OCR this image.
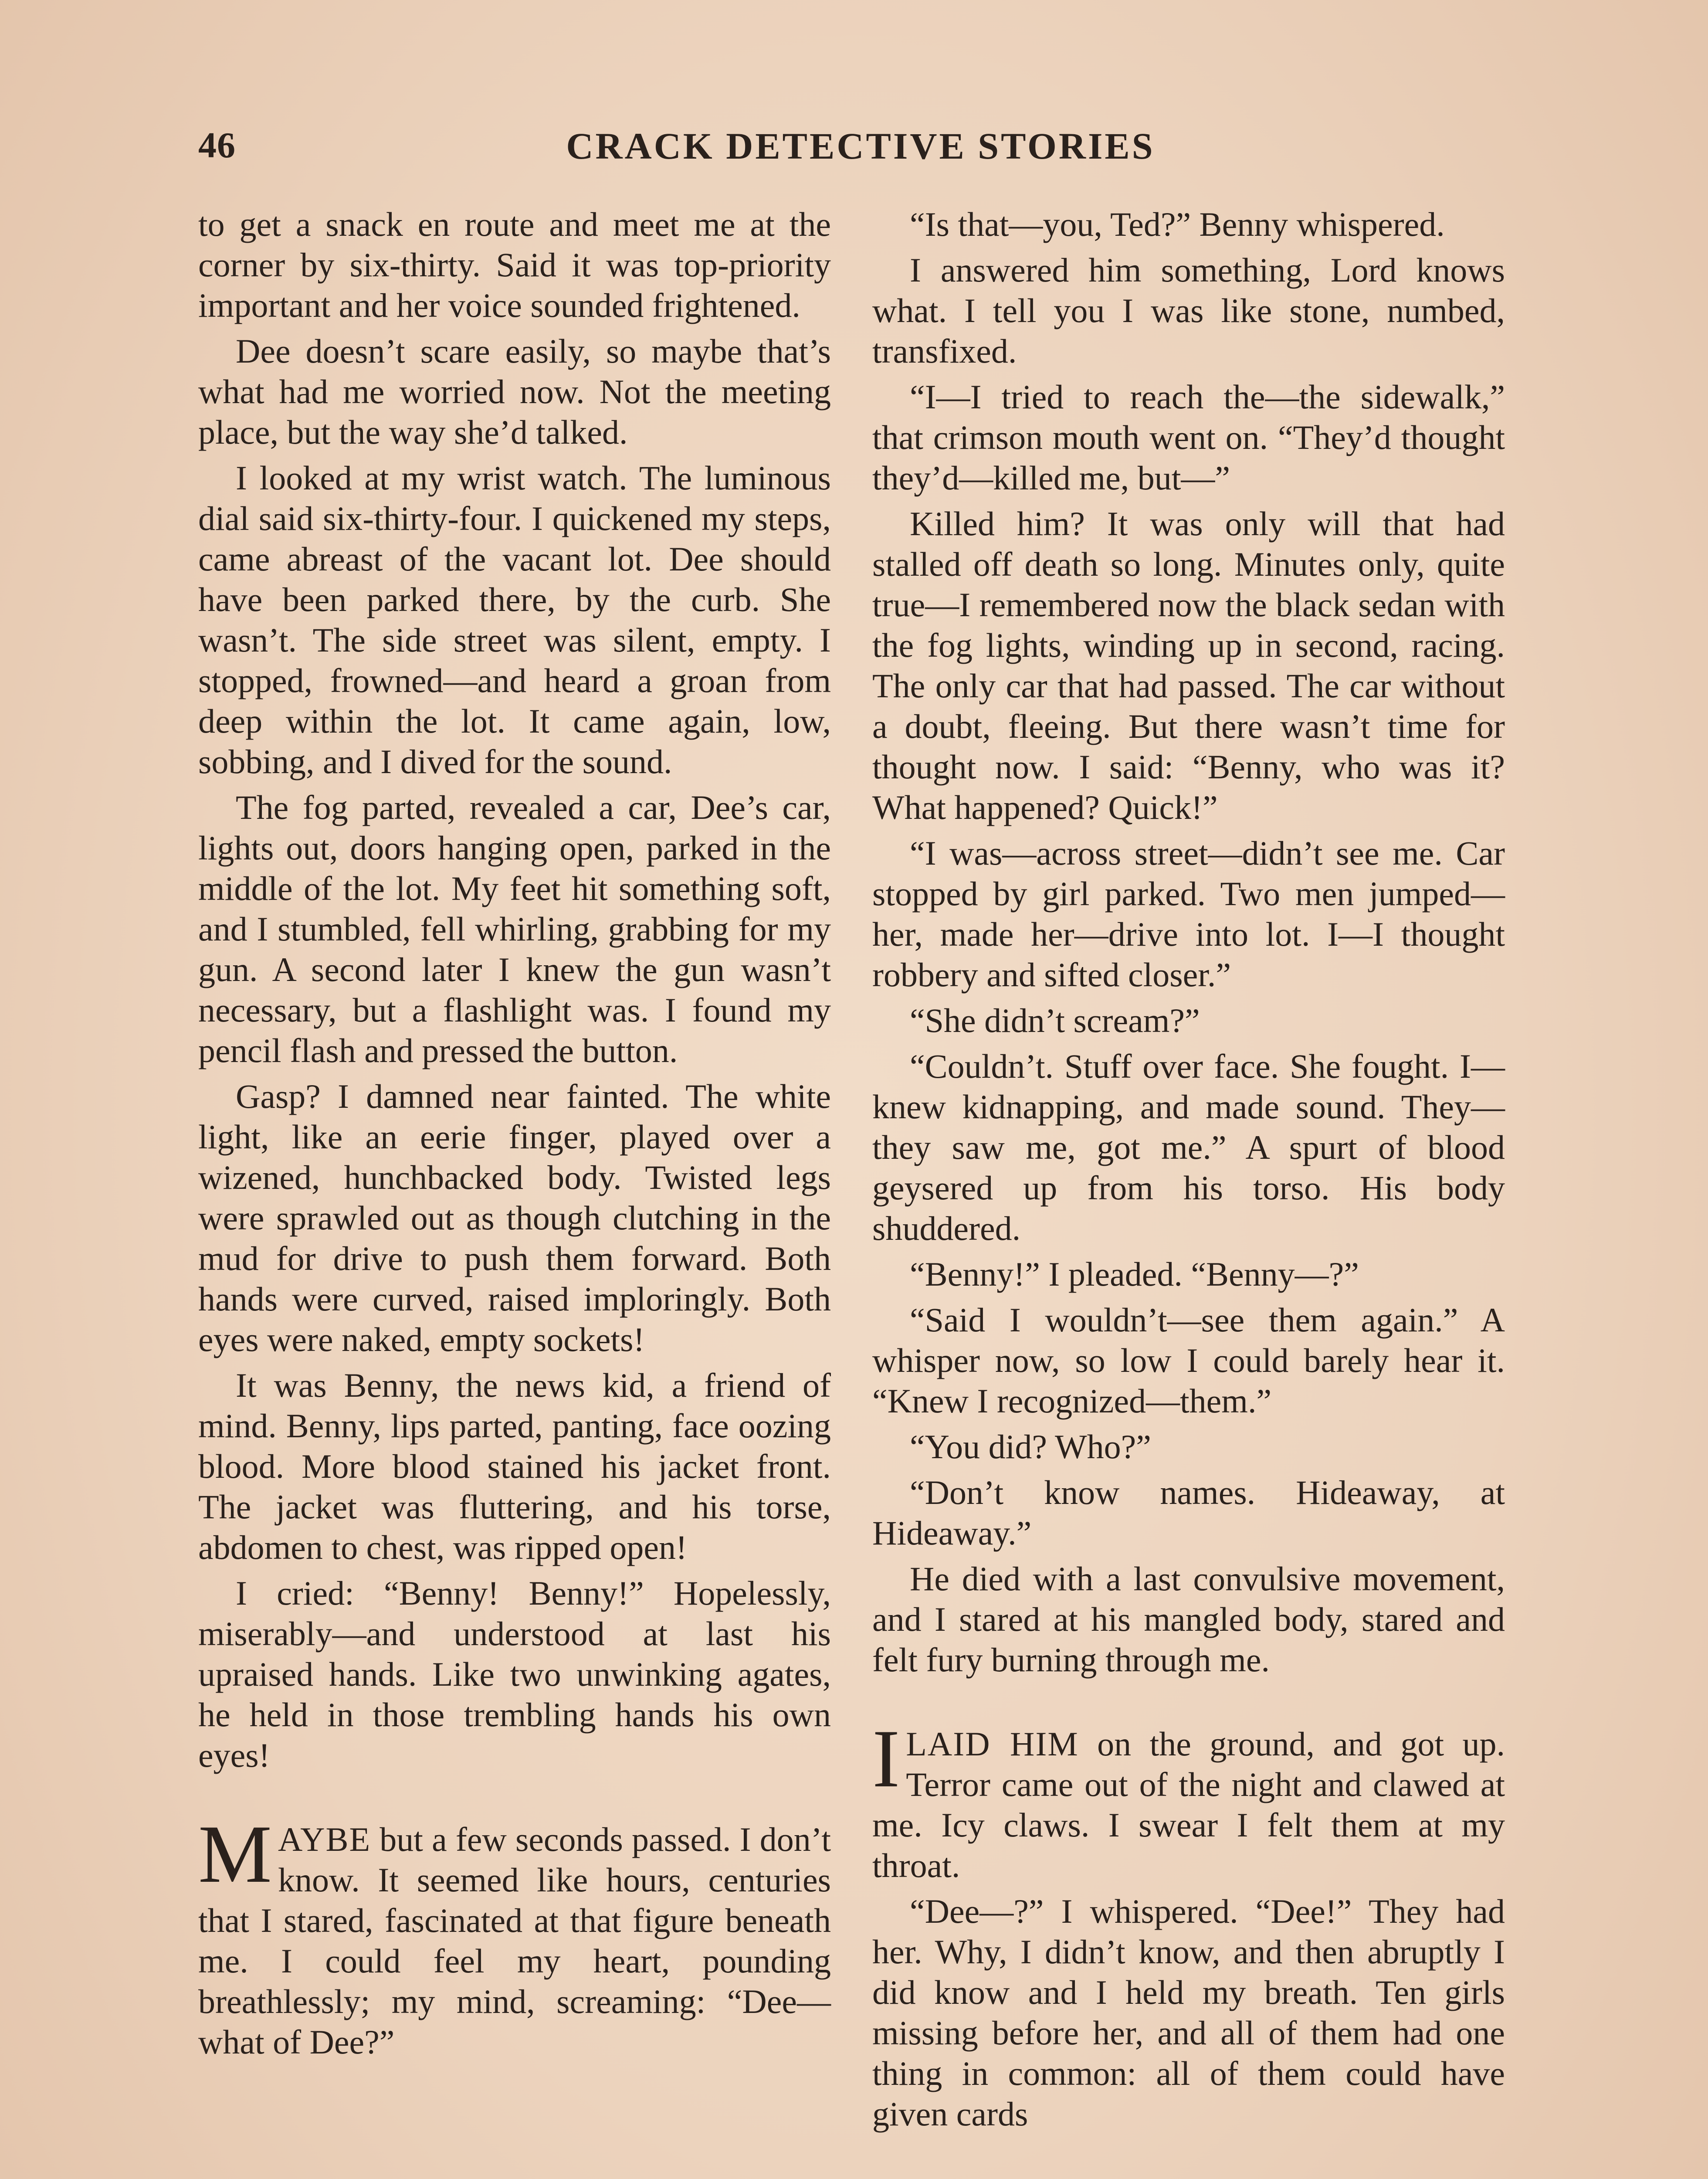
46	CRACK DETECTIVE STORIES

to get a snack en route and meet me at the corner by six-thirty. Said it was top-priority important and her voice sounded frightened.

Dee doesn’t scare easily, so maybe that’s what had me worried now. Not the meeting place, but the way she’d talked.

I looked at my wrist watch. The luminous dial said six-thirty-four. I quickened my steps, came abreast of the vacant lot. Dee should have been parked there, by the curb. She wasn’t. The side street was silent, empty. I stopped, frowned—and heard a groan from deep within the lot. It came again, low, sobbing, and I dived for the sound.

The fog parted, revealed a car, Dee’s car, lights out, doors hanging open, parked in the middle of the lot. My feet hit something soft, and I stumbled, fell whirling, grabbing for my gun. A second later I knew the gun wasn’t necessary, but a flashlight was. I found my pencil flash and pressed the button.

Gasp? I damned near fainted. The white light, like an eerie finger, played over a wizened, hunchbacked body. Twisted legs were sprawled out as though clutching in the mud for drive to push them forward. Both hands were curved, raised imploringly. Both eyes were naked, empty sockets!

It was Benny, the news kid, a friend of mind. Benny, lips parted, panting, face oozing blood. More blood stained his jacket front. The jacket was fluttering, and his torse, abdomen to chest, was ripped open!

I cried: “Benny! Benny!” Hopelessly, miserably—and understood at last his upraised hands. Like two unwinking agates, he held in those trembling hands his own eyes!

MAYBE but a few seconds passed. I don’t know. It seemed like hours, centuries that I stared, fascinated at that figure beneath me. I could feel my heart, pounding breathlessly; my mind, screaming: “Dee—what of Dee?”

“Is that—you, Ted?” Benny whispered.

I answered him something, Lord knows what. I tell you I was like stone, numbed, transfixed.

“I—I tried to reach the—the sidewalk,” that crimson mouth went on. “They’d thought they’d—killed me, but—”

Killed him? It was only will that had stalled off death so long. Minutes only, quite true—I remembered now the black sedan with the fog lights, winding up in second, racing. The only car that had passed. The car without a doubt, fleeing. But there wasn’t time for thought now. I said: “Benny, who was it? What happened? Quick!”

“I was—across street—didn’t see me. Car stopped by girl parked. Two men jumped—her, made her—drive into lot. I—I thought robbery and sifted closer.”

“She didn’t scream?”

“Couldn’t. Stuff over face. She fought. I—knew kidnapping, and made sound. They—they saw me, got me.” A spurt of blood geysered up from his torso. His body shuddered.

“Benny!” I pleaded. “Benny—?”

“Said I wouldn’t—see them again.” A whisper now, so low I could barely hear it. “Knew I recognized—them.”

“You did? Who?”

“Don’t know names. Hideaway, at Hideaway.”

He died with a last convulsive movement, and I stared at his mangled body, stared and felt fury burning through me.

I LAID HIM on the ground, and got up. Terror came out of the night and clawed at me. Icy claws. I swear I felt them at my throat.

“Dee—?” I whispered. “Dee!” They had her. Why, I didn’t know, and then abruptly I did know and I held my breath. Ten girls missing before her, and all of them had one thing in common: all of them could have given cards
